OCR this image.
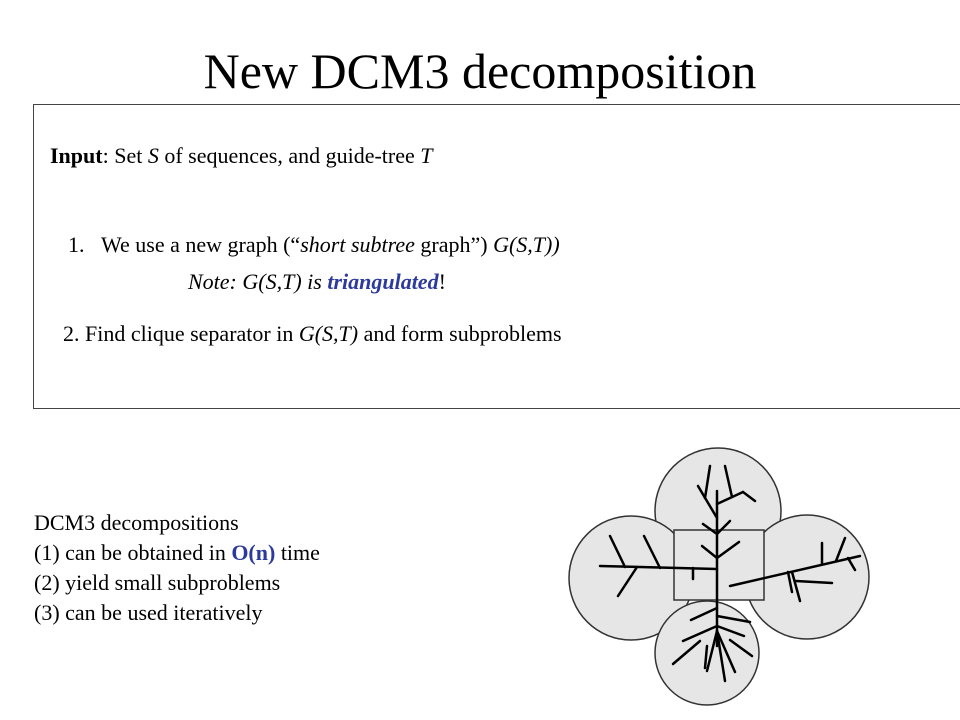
New DCM3 decomposition
Input: Set S of sequences, and guide-tree T
1. We use a new graph (“short subtree graph”) G(S,T))
Note: G(S,T) is triangulated!
2. Find clique separator in G(S,T) and form subproblems
DCM3 decompositions
(1) can be obtained in O(n) time
(2) yield small subproblems
(3) can be used iteratively
